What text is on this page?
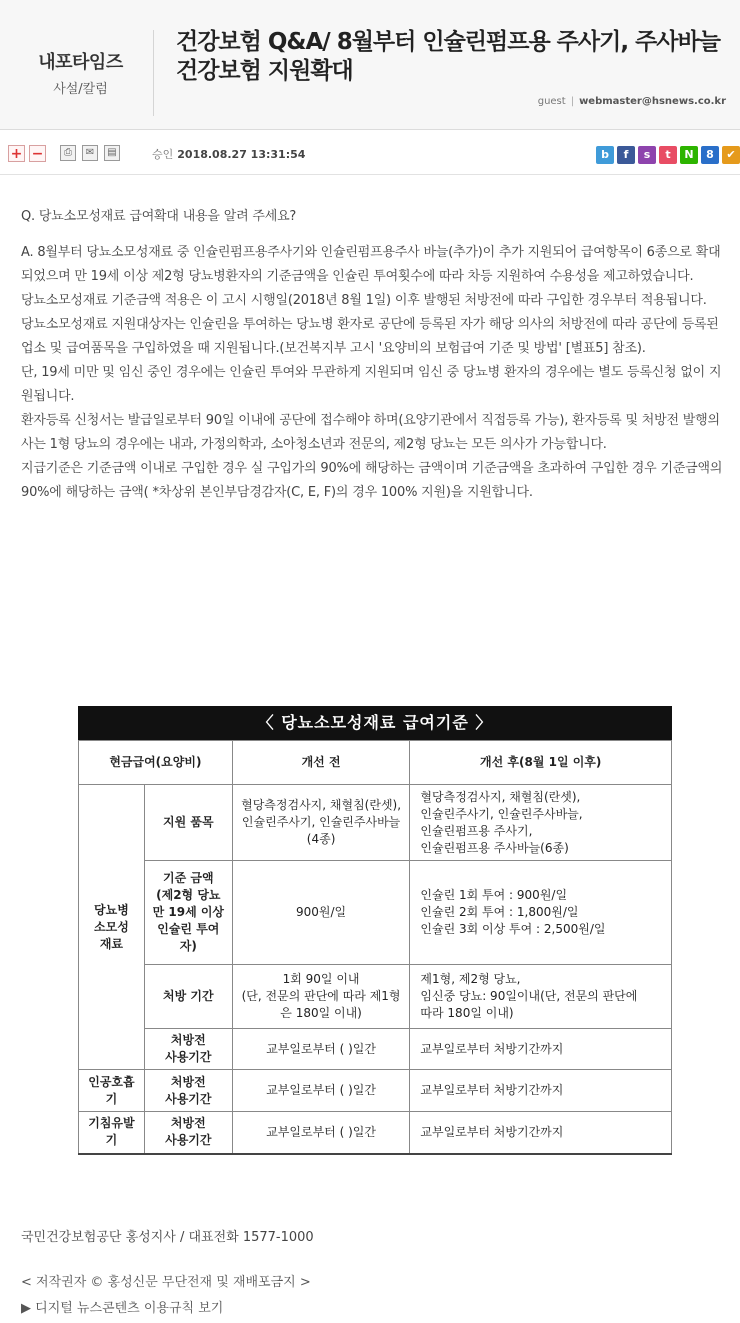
내포타임즈
사설/칼럼
건강보험 Q&A/ 8월부터 인슐린펌프용 주사기, 주사바늘 건강보험 지원확대
guest | webmaster@hsnews.co.kr
+ −	⎙	✉	▤	승인 2018.08.27 13:31:54	b f s t N 8 ✔

Q. 당뇨소모성재료 급여확대 내용을 알려 주세요?

A. 8월부터 당뇨소모성재료 중 인슐린펌프용주사기와 인슐린펌프용주사 바늘(추가)이 추가 지원되어 급여항목이 6종으로 확대되었으며 만 19세 이상 제2형 당뇨병환자의 기준금액을 인슐린 투여횟수에 따라 차등 지원하여 수용성을 제고하였습니다.

당뇨소모성재료 기준금액 적용은 이 고시 시행일(2018년 8월 1일) 이후 발행된 처방전에 따라 구입한 경우부터 적용됩니다.

당뇨소모성재료 지원대상자는 인슐린을 투여하는 당뇨병 환자로 공단에 등록된 자가 해당 의사의 처방전에 따라 공단에 등록된 업소 및 급여품목을 구입하였을 때 지원됩니다.(보건복지부 고시 '요양비의 보험급여 기준 및 방법' [별표5] 참조).

단, 19세 미만 및 임신 중인 경우에는 인슐린 투여와 무관하게 지원되며 임신 중 당뇨병 환자의 경우에는 별도 등록신청 없이 지원됩니다.

환자등록 신청서는 발급일로부터 90일 이내에 공단에 접수해야 하며(요양기관에서 직접등록 가능), 환자등록 및 처방전 발행의사는 1형 당뇨의 경우에는 내과, 가정의학과, 소아청소년과 전문의, 제2형 당뇨는 모든 의사가 가능합니다.

지급기준은 기준금액 이내로 구입한 경우 실 구입가의 90%에 해당하는 금액이며 기준금액을 초과하여 구입한 경우 기준금액의 90%에 해당하는 금액( *차상위 본인부담경감자(C, E, F)의 경우 100% 지원)을 지원합니다.

〈 당뇨소모성재료 급여기준 〉
현금급여(요양비)		개선 전	개선 후(8월 1일 이후)
당뇨병
소모성
재료	지원 품목	혈당측정검사지, 채혈침(란셋),
인슐린주사기, 인슐린주사바늘
(4종)	혈당측정검사지, 채혈침(란셋),
인슐린주사기, 인슐린주사바늘,
인슐린펌프용 주사기,
인슐린펌프용 주사바늘(6종)
	기준 금액
(제2형 당뇨
만 19세 이상
인슐린 투여
자)	900원/일	인슐린 1회 투여 : 900원/일
인슐린 2회 투여 : 1,800원/일
인슐린 3회 이상 투여 : 2,500원/일
	처방 기간	1회 90일 이내
(단, 전문의 판단에 따라 제1형
은 180일 이내)	제1형, 제2형 당뇨,
임신중 당뇨: 90일이내(단, 전문의 판단에
따라 180일 이내)
	처방전
사용기간	교부일로부터 ( )일간	교부일로부터 처방기간까지
인공호흡기	처방전
사용기간	교부일로부터 ( )일간	교부일로부터 처방기간까지
기침유발기	처방전
사용기간	교부일로부터 ( )일간	교부일로부터 처방기간까지
국민건강보험공단 홍성지사 / 대표전화 1577-1000
< 저작권자 © 홍성신문 무단전재 및 재배포금지 >
▶ 디지털 뉴스콘텐츠 이용규칙 보기
